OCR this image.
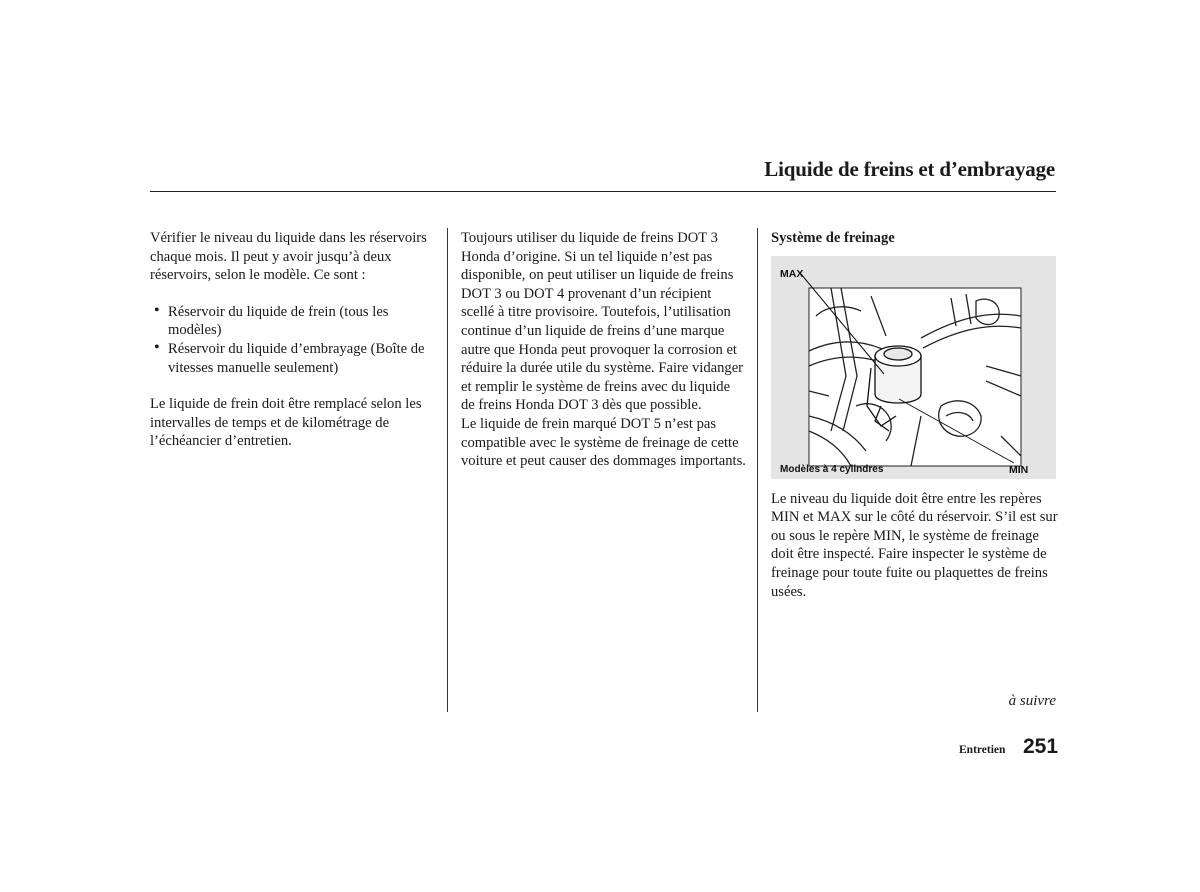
Liquide de freins et d’embrayage

Vérifier le niveau du liquide dans les réservoirs chaque mois. Il peut y avoir jusqu’à deux réservoirs, selon le modèle. Ce sont :

• Réservoir du liquide de frein (tous les modèles)
• Réservoir du liquide d’embrayage (Boîte de vitesses manuelle seulement)

Le liquide de frein doit être remplacé selon les intervalles de temps et de kilométrage de l’échéancier d’entretien.

Toujours utiliser du liquide de freins DOT 3 Honda d’origine. Si un tel liquide n’est pas disponible, on peut utiliser un liquide de freins DOT 3 ou DOT 4 provenant d’un récipient scellé à titre provisoire. Toutefois, l’utilisation continue d’un liquide de freins d’une marque autre que Honda peut provoquer la corrosion et réduire la durée utile du système. Faire vidanger et remplir le système de freins avec du liquide de freins Honda DOT 3 dès que possible.

Le liquide de frein marqué DOT 5 n’est pas compatible avec le système de freinage de cette voiture et peut causer des dommages importants.

Système de freinage

MAX
MIN
Modèles à 4 cylindres

Le niveau du liquide doit être entre les repères MIN et MAX sur le côté du réservoir. S’il est sur ou sous le repère MIN, le système de freinage doit être inspecté. Faire inspecter le système de freinage pour toute fuite ou plaquettes de freins usées.

à suivre
Entretien 251
